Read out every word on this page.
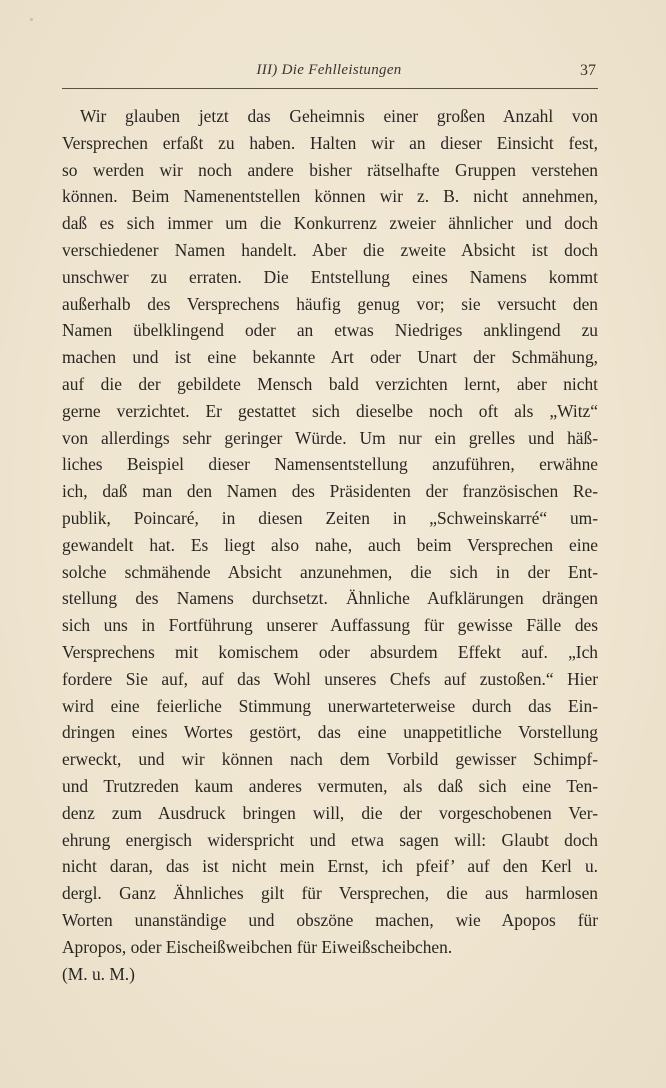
III) Die Fehlleistungen	37
Wir glauben jetzt das Geheimnis einer großen Anzahl von
Versprechen erfaßt zu haben. Halten wir an dieser Einsicht fest,
so werden wir noch andere bisher rätselhafte Gruppen verstehen
können. Beim Namenentstellen können wir z. B. nicht annehmen,
daß es sich immer um die Konkurrenz zweier ähnlicher und doch
verschiedener Namen handelt. Aber die zweite Absicht ist doch
unschwer zu erraten. Die Entstellung eines Namens kommt
außerhalb des Versprechens häufig genug vor; sie versucht den
Namen übelklingend oder an etwas Niedriges anklingend zu
machen und ist eine bekannte Art oder Unart der Schmähung,
auf die der gebildete Mensch bald verzichten lernt, aber nicht
gerne verzichtet. Er gestattet sich dieselbe noch oft als „Witz“
von allerdings sehr geringer Würde. Um nur ein grelles und häß-
liches Beispiel dieser Namensentstellung anzuführen, erwähne
ich, daß man den Namen des Präsidenten der französischen Re-
publik, Poincaré, in diesen Zeiten in „Schweinskarré“ um-
gewandelt hat. Es liegt also nahe, auch beim Versprechen eine
solche schmähende Absicht anzunehmen, die sich in der Ent-
stellung des Namens durchsetzt. Ähnliche Aufklärungen drängen
sich uns in Fortführung unserer Auffassung für gewisse Fälle des
Versprechens mit komischem oder absurdem Effekt auf. „Ich
fordere Sie auf, auf das Wohl unseres Chefs auf zustoßen.“ Hier
wird eine feierliche Stimmung unerwarteterweise durch das Ein-
dringen eines Wortes gestört, das eine unappetitliche Vorstellung
erweckt, und wir können nach dem Vorbild gewisser Schimpf-
und Trutzreden kaum anderes vermuten, als daß sich eine Ten-
denz zum Ausdruck bringen will, die der vorgeschobenen Ver-
ehrung energisch widerspricht und etwa sagen will: Glaubt doch
nicht daran, das ist nicht mein Ernst, ich pfeif’ auf den Kerl u.
dergl. Ganz Ähnliches gilt für Versprechen, die aus harmlosen
Worten unanständige und obszöne machen, wie Apopos für
Apropos, oder Eischeißweibchen für Eiweißscheibchen.
(M. u. M.)
